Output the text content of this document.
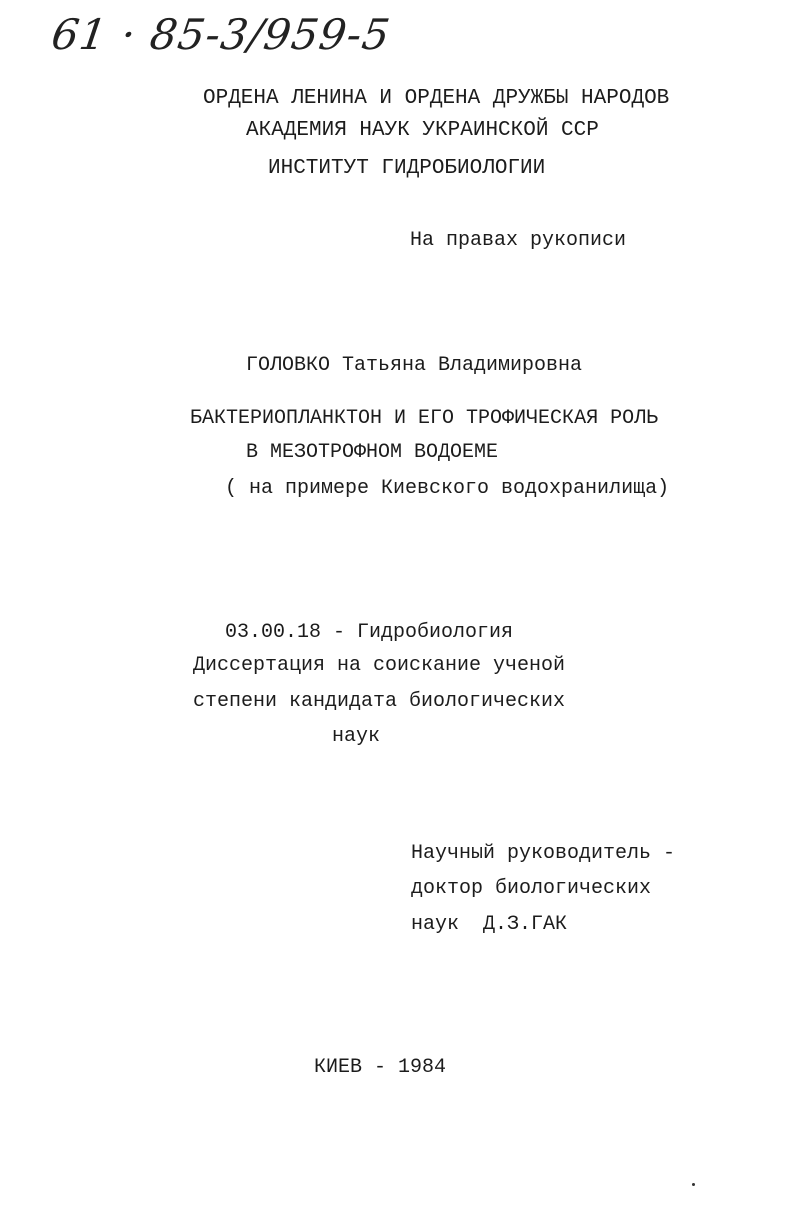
61 · 85-3/959-5
ОРДЕНА ЛЕНИНА И ОРДЕНА ДРУЖБЫ НАРОДОВ
АКАДЕМИЯ НАУК УКРАИНСКОЙ ССР
ИНСТИТУТ ГИДРОБИОЛОГИИ
На правах рукописи
ГОЛОВКО Татьяна Владимировна
БАКТЕРИОПЛАНКТОН И ЕГО ТРОФИЧЕСКАЯ РОЛЬ
В МЕЗОТРОФНОМ ВОДОЕМЕ
( на примере Киевского водохранилища)
03.00.18 - Гидробиология
Диссертация на соискание ученой
степени кандидата биологических
наук
Научный руководитель -
доктор биологических
наук  Д.З.ГАК
КИЕВ - 1984
